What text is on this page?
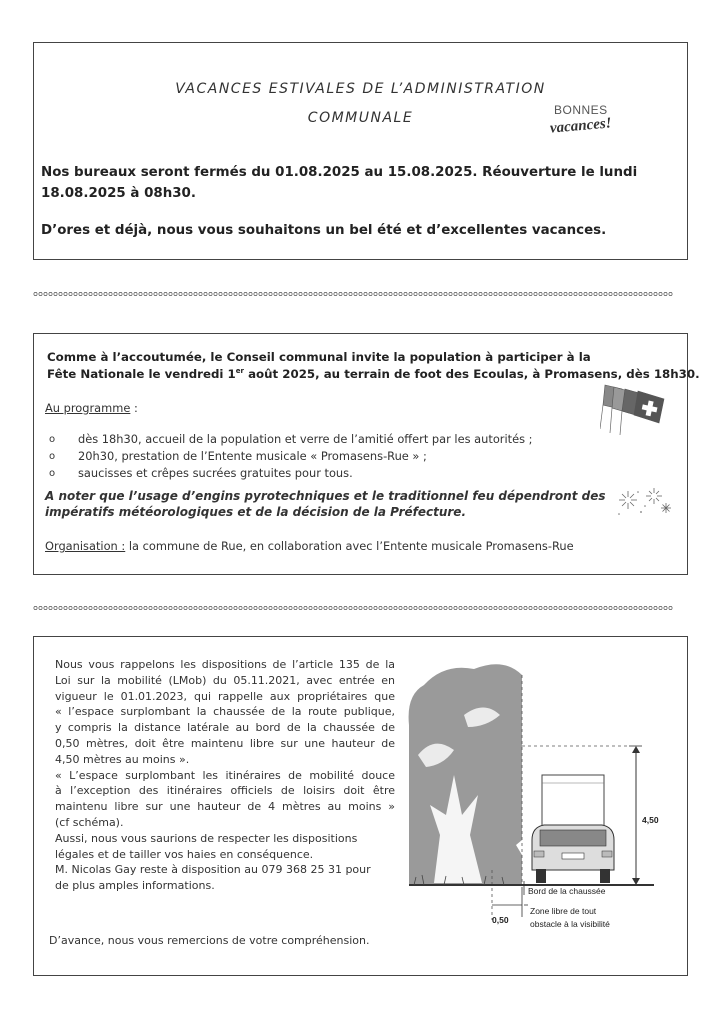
VACANCES ESTIVALES DE L’ADMINISTRATION
COMMUNALE	BONNES
vacances!
Nos bureaux seront fermés du 01.08.2025 au 15.08.2025. Réouverture le lundi
18.08.2025 à 08h30.
D’ores et déjà, nous vous souhaitons un bel été et d’excellentes vacances.
Comme à l’accoutumée, le Conseil communal invite la population à participer à la
Fête Nationale le vendredi 1er août 2025, au terrain de foot des Ecoulas, à Promasens, dès 18h30.
Au programme :
o dès 18h30, accueil de la population et verre de l’amitié offert par les autorités ;
o 20h30, prestation de l’Entente musicale « Promasens-Rue » ;
o saucisses et crêpes sucrées gratuites pour tous.
A noter que l’usage d’engins pyrotechniques et le traditionnel feu dépendront des
impératifs météorologiques et de la décision de la Préfecture.
Organisation : la commune de Rue, en collaboration avec l’Entente musicale Promasens-Rue
Nous vous rappelons les dispositions de l’article 135 de la
Loi sur la mobilité (LMob) du 05.11.2021, avec entrée en
vigueur le 01.01.2023, qui rappelle aux propriétaires que
« l’espace surplombant la chaussée de la route publique,
y compris la distance latérale au bord de la chaussée de
0,50 mètres, doit être maintenu libre sur une hauteur de
4,50 mètres au moins ».
« L’espace surplombant les itinéraires de mobilité douce
à l’exception des itinéraires officiels de loisirs doit être
maintenu libre sur une hauteur de 4 mètres au moins »
(cf schéma).
Aussi, nous vous saurions de respecter les dispositions
légales et de tailler vos haies en conséquence.
M. Nicolas Gay reste à disposition au 079 368 25 31 pour
de plus amples informations.
D’avance, nous vous remercions de votre compréhension.
4,50
Bord de la chaussée
Zone libre de tout
obstacle à la visibilité
0,50
